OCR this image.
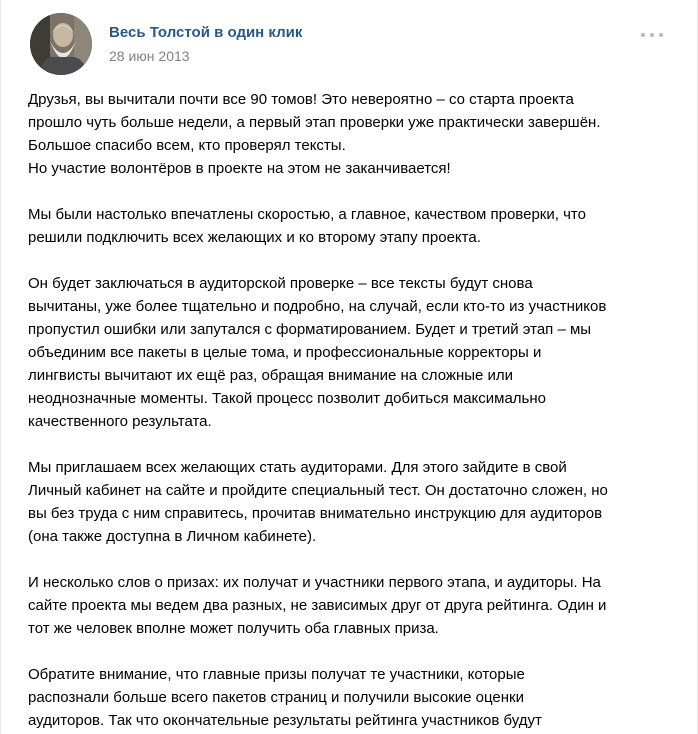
Весь Толстой в один клик
28 июн 2013

Друзья, вы вычитали почти все 90 томов! Это невероятно – со старта проекта
прошло чуть больше недели, а первый этап проверки уже практически завершён.
Большое спасибо всем, кто проверял тексты.
Но участие волонтёров в проекте на этом не заканчивается!

Мы были настолько впечатлены скоростью, а главное, качеством проверки, что
решили подключить всех желающих и ко второму этапу проекта.

Он будет заключаться в аудиторской проверке – все тексты будут снова
вычитаны, уже более тщательно и подробно, на случай, если кто-то из участников
пропустил ошибки или запутался с форматированием. Будет и третий этап – мы
объединим все пакеты в целые тома, и профессиональные корректоры и
лингвисты вычитают их ещё раз, обращая внимание на сложные или
неоднозначные моменты. Такой процесс позволит добиться максимально
качественного результата.

Мы приглашаем всех желающих стать аудиторами. Для этого зайдите в свой
Личный кабинет на сайте и пройдите специальный тест. Он достаточно сложен, но
вы без труда с ним справитесь, прочитав внимательно инструкцию для аудиторов
(она также доступна в Личном кабинете).

И несколько слов о призах: их получат и участники первого этапа, и аудиторы. На
сайте проекта мы ведем два разных, не зависимых друг от друга рейтинга. Один и
тот же человек вполне может получить оба главных приза.

Обратите внимание, что главные призы получат те участники, которые
распознали больше всего пакетов страниц и получили высокие оценки
аудиторов. Так что окончательные результаты рейтинга участников будут
